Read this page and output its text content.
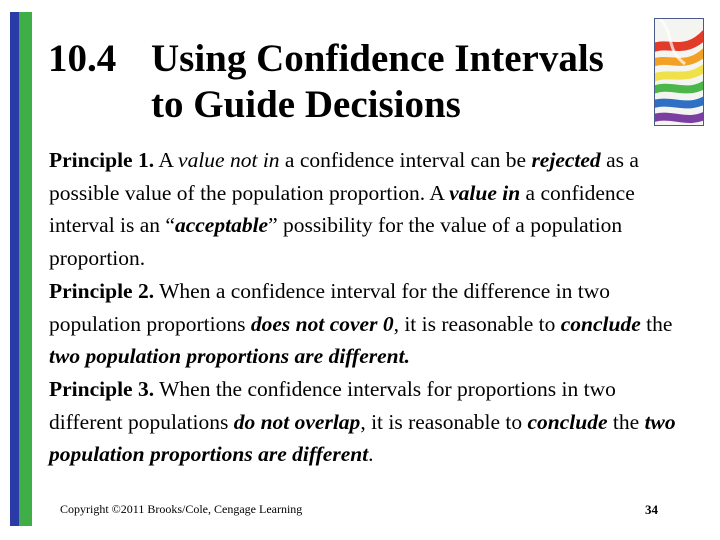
10.4 Using Confidence Intervals
to Guide Decisions

Principle 1. A value not in a confidence interval can be rejected as a possible value of the population proportion. A value in a confidence interval is an “acceptable” possibility for the value of a population proportion.

Principle 2. When a confidence interval for the difference in two population proportions does not cover 0, it is reasonable to conclude the two population proportions are different.

Principle 3. When the confidence intervals for proportions in two different populations do not overlap, it is reasonable to conclude the two population proportions are different.

Copyright ©2011 Brooks/Cole, Cengage Learning	34
